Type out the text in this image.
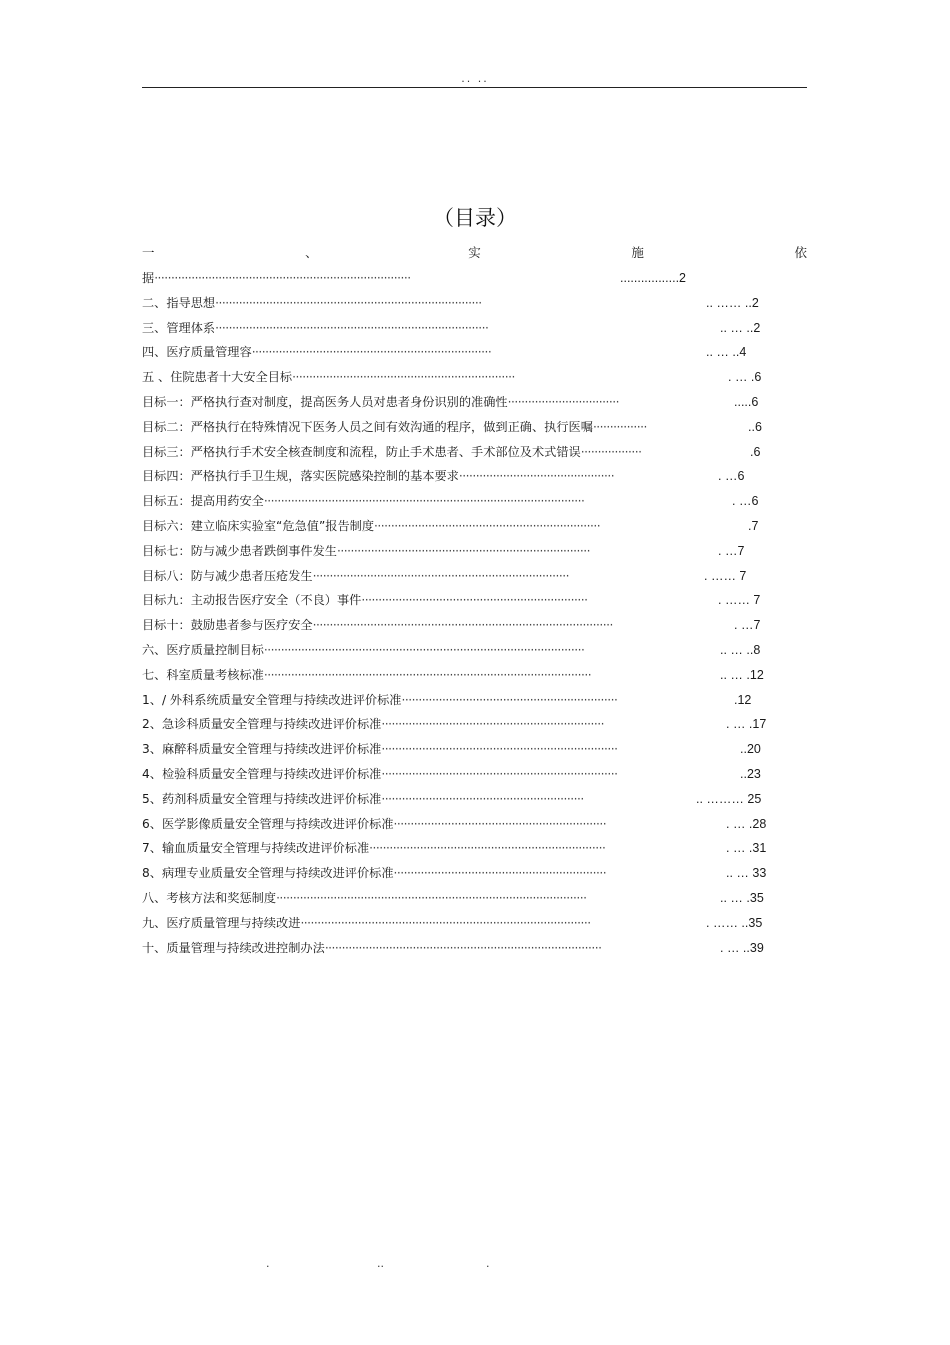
.. ..
（目录）
一	、	实	施	依
据············································································	.................2
二、指导思想···············································································	.. …… ..2
三、管理体系·················································································	.. … ..2
四、医疗质量管理容·······································································	.. … ..4
五 、住院患者十大安全目标··································································	. … .6
目标一：严格执行查对制度，提高医务人员对患者身份识别的准确性·································	.....6
目标二：严格执行在特殊情况下医务人员之间有效沟通的程序，做到正确、执行医嘱················	..6
目标三：严格执行手术安全核查制度和流程，防止手术患者、手术部位及术式错误··················	.6
目标四：严格执行手卫生规，落实医院感染控制的基本要求··············································	. …6
目标五：提高用药安全·······························································································	. …6
目标六：建立临床实验室“危急值”报告制度···································································	.7
目标七：防与减少患者跌倒事件发生···········································································	. …7
目标八：防与减少患者压疮发生············································································	. …… 7
目标九：主动报告医疗安全（不良）事件···································································	. …… 7
目标十：鼓励患者参与医疗安全·························································································	. …7
六、医疗质量控制目标·······························································································	.. … ..8
七、科室质量考核标准·································································································	.. … .12
1、/ 外科系统质量安全管理与持续改进评价标准································································	.12
2、急诊科质量安全管理与持续改进评价标准··································································	. … .17
3、麻醉科质量安全管理与持续改进评价标准······································································	..20
4、检验科质量安全管理与持续改进评价标准······································································	..23
5、药剂科质量安全管理与持续改进评价标准····························································	.. ……… 25
6、医学影像质量安全管理与持续改进评价标准·······························································	. … .28
7、输血质量安全管理与持续改进评价标准······································································	. … .31
8、病理专业质量安全管理与持续改进评价标准·······························································	.. … 33
八、考核方法和奖惩制度····························································································	.. … .35
九、医疗质量管理与持续改进······················································································	. …… ..35
十、质量管理与持续改进控制办法··················································································	. … ..39
.	..	.
